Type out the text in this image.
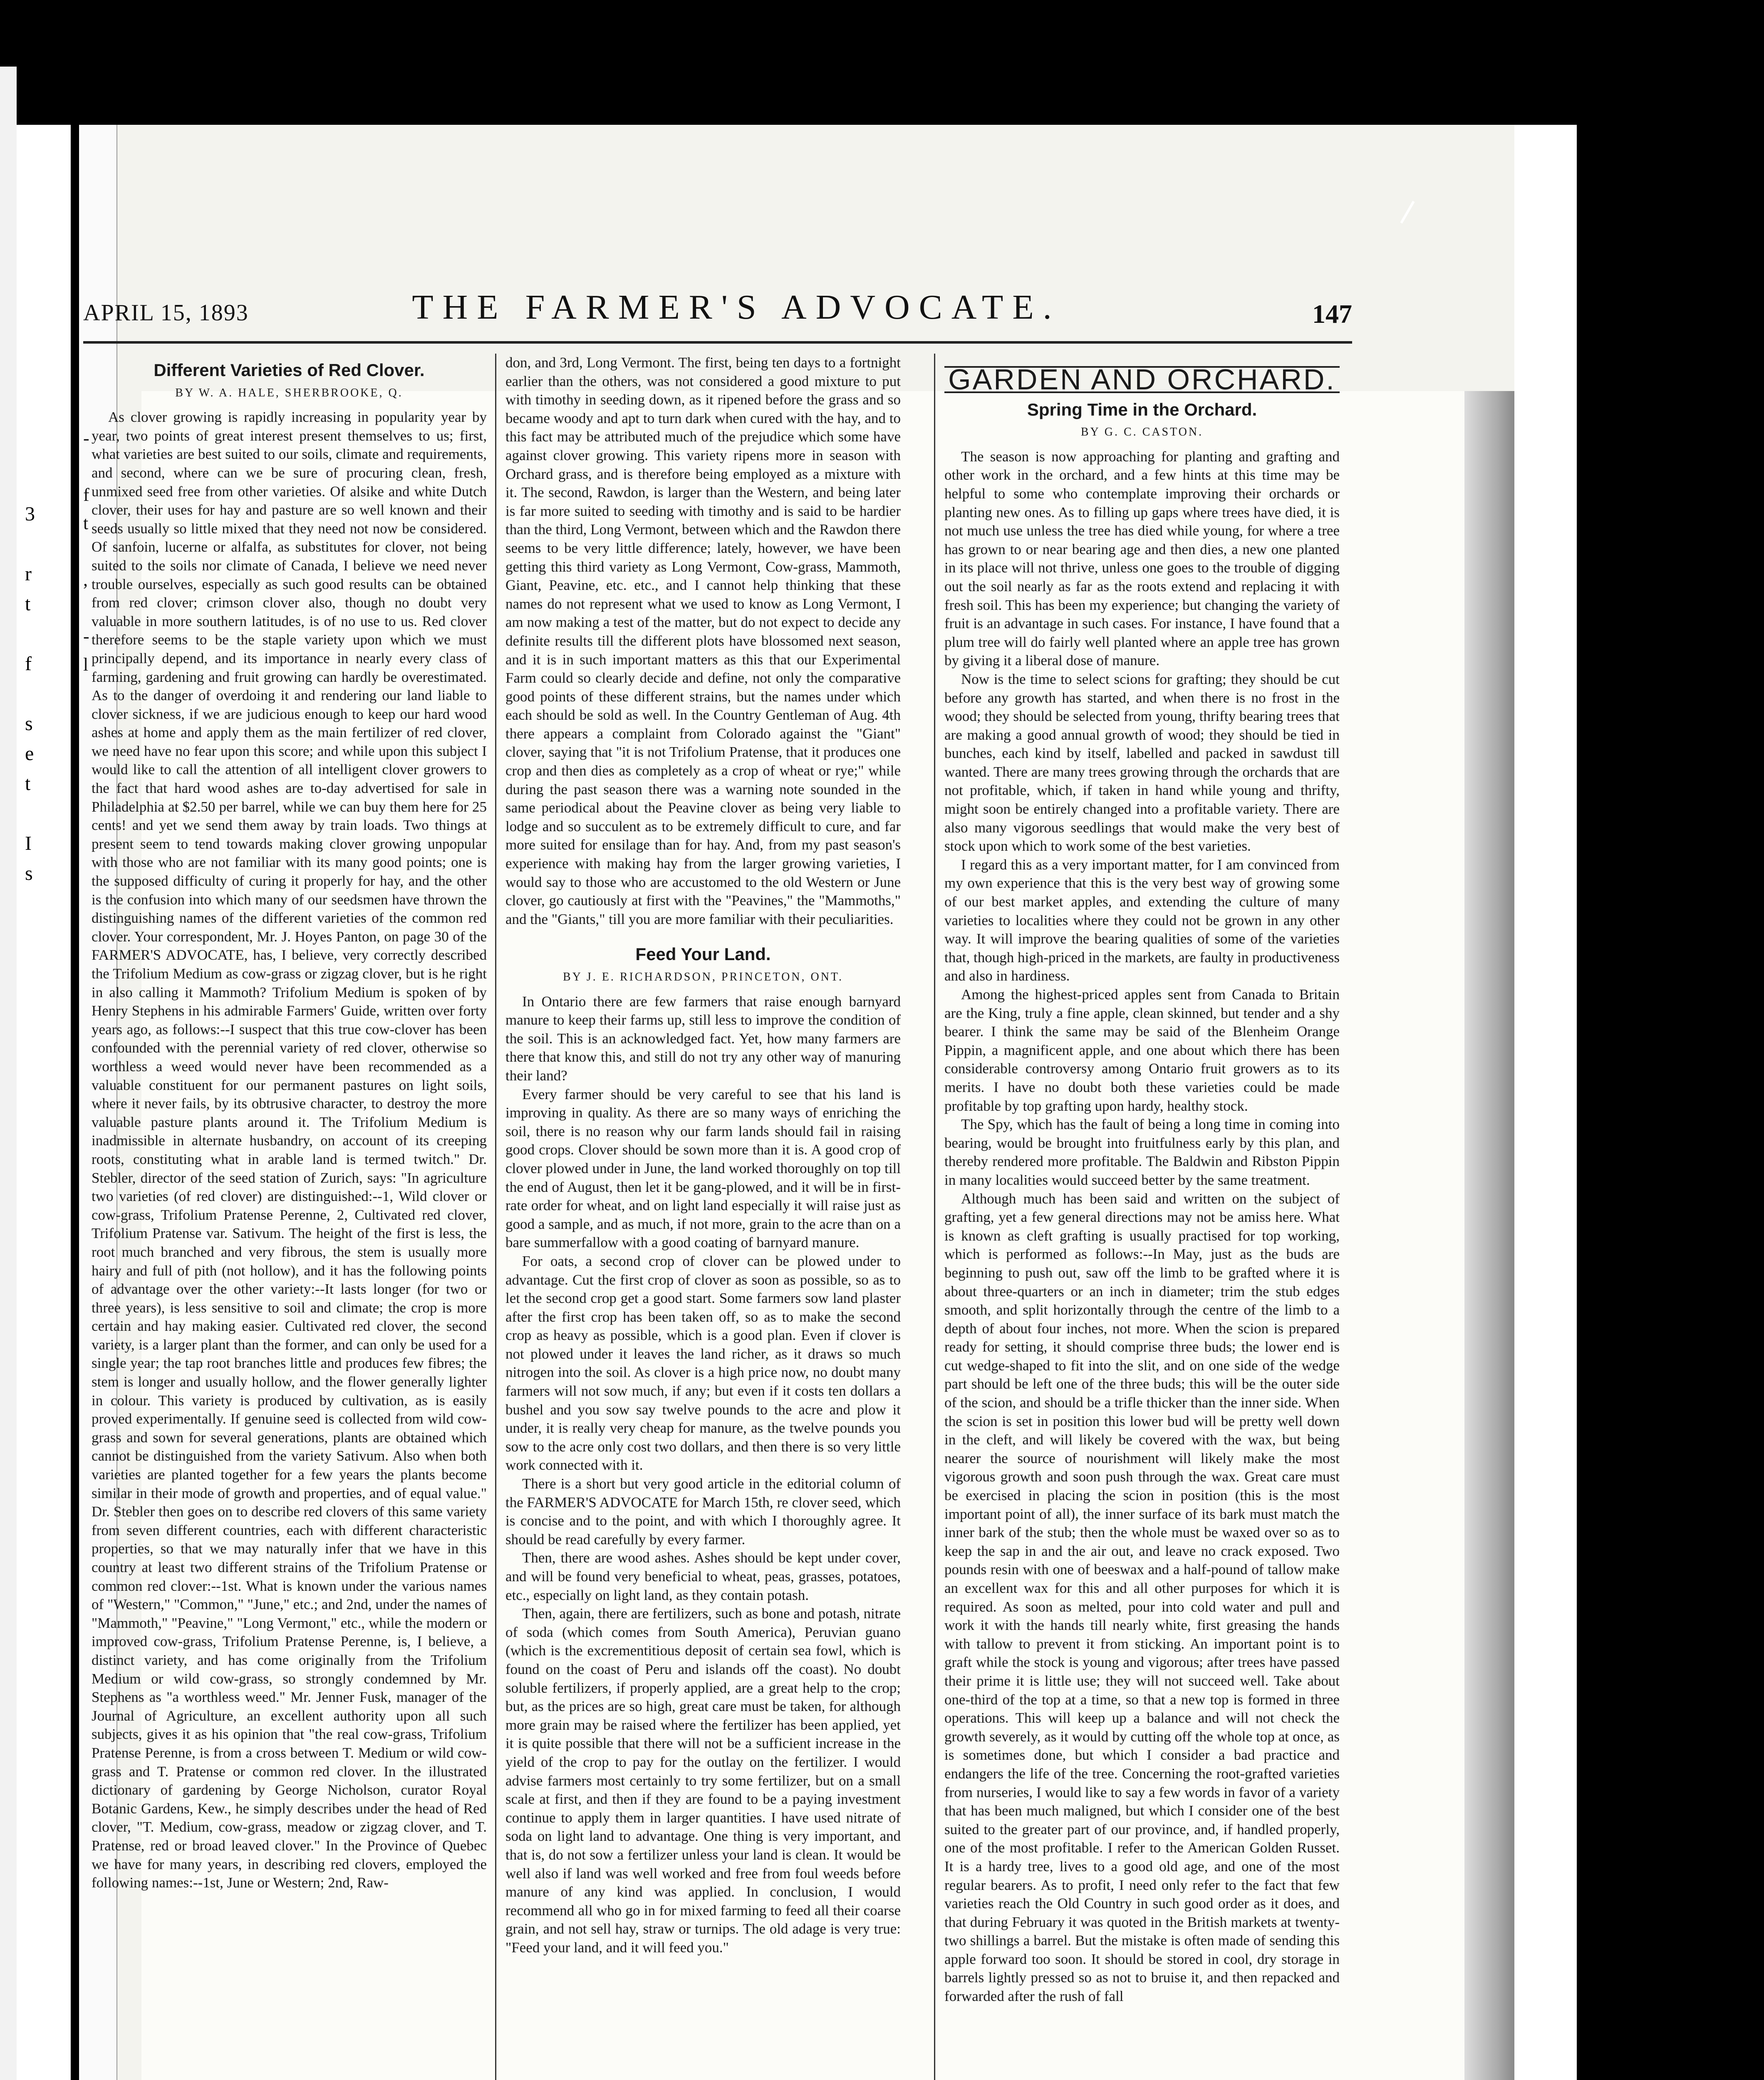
3

r
t

f

s
e
t

I
s
-

f
t

,

-
l
APRIL 15, 1893	THE FARMER'S ADVOCATE.	147
Different Varieties of Red Clover.
BY W. A. HALE, SHERBROOKE, Q.

As clover growing is rapidly increasing in popularity year by year, two points of great interest present themselves to us; first, what varieties are best suited to our soils, climate and requirements, and second, where can we be sure of procuring clean, fresh, unmixed seed free from other varieties. Of alsike and white Dutch clover, their uses for hay and pasture are so well known and their seeds usually so little mixed that they need not now be considered. Of sanfoin, lucerne or alfalfa, as substitutes for clover, not being suited to the soils nor climate of Canada, I believe we need never trouble ourselves, especially as such good results can be obtained from red clover; crimson clover also, though no doubt very valuable in more southern latitudes, is of no use to us. Red clover therefore seems to be the staple variety upon which we must principally depend, and its importance in nearly every class of farming, gardening and fruit growing can hardly be overestimated. As to the danger of overdoing it and rendering our land liable to clover sickness, if we are judicious enough to keep our hard wood ashes at home and apply them as the main fertilizer of red clover, we need have no fear upon this score; and while upon this subject I would like to call the attention of all intelligent clover growers to the fact that hard wood ashes are to-day advertised for sale in Philadelphia at $2.50 per barrel, while we can buy them here for 25 cents! and yet we send them away by train loads. Two things at present seem to tend towards making clover growing unpopular with those who are not familiar with its many good points; one is the supposed difficulty of curing it properly for hay, and the other is the confusion into which many of our seedsmen have thrown the distinguishing names of the different varieties of the common red clover. Your correspondent, Mr. J. Hoyes Panton, on page 30 of the FARMER'S ADVOCATE, has, I believe, very correctly described the Trifolium Medium as cow-grass or zigzag clover, but is he right in also calling it Mammoth? Trifolium Medium is spoken of by Henry Stephens in his admirable Farmers' Guide, written over forty years ago, as follows:--I suspect that this true cow-clover has been confounded with the perennial variety of red clover, otherwise so worthless a weed would never have been recommended as a valuable constituent for our permanent pastures on light soils, where it never fails, by its obtrusive character, to destroy the more valuable pasture plants around it. The Trifolium Medium is inadmissible in alternate husbandry, on account of its creeping roots, constituting what in arable land is termed twitch." Dr. Stebler, director of the seed station of Zurich, says: "In agriculture two varieties (of red clover) are distinguished:--1, Wild clover or cow-grass, Trifolium Pratense Perenne, 2, Cultivated red clover, Trifolium Pratense var. Sativum. The height of the first is less, the root much branched and very fibrous, the stem is usually more hairy and full of pith (not hollow), and it has the following points of advantage over the other variety:--It lasts longer (for two or three years), is less sensitive to soil and climate; the crop is more certain and hay making easier. Cultivated red clover, the second variety, is a larger plant than the former, and can only be used for a single year; the tap root branches little and produces few fibres; the stem is longer and usually hollow, and the flower generally lighter in colour. This variety is produced by cultivation, as is easily proved experimentally. If genuine seed is collected from wild cow-grass and sown for several generations, plants are obtained which cannot be distinguished from the variety Sativum. Also when both varieties are planted together for a few years the plants become similar in their mode of growth and properties, and of equal value." Dr. Stebler then goes on to describe red clovers of this same variety from seven different countries, each with different characteristic properties, so that we may naturally infer that we have in this country at least two different strains of the Trifolium Pratense or common red clover:--1st. What is known under the various names of "Western," "Common," "June," etc.; and 2nd, under the names of "Mammoth," "Peavine," "Long Vermont," etc., while the modern or improved cow-grass, Trifolium Pratense Perenne, is, I believe, a distinct variety, and has come originally from the Trifolium Medium or wild cow-grass, so strongly condemned by Mr. Stephens as "a worthless weed." Mr. Jenner Fusk, manager of the Journal of Agriculture, an excellent authority upon all such subjects, gives it as his opinion that "the real cow-grass, Trifolium Pratense Perenne, is from a cross between T. Medium or wild cow-grass and T. Pratense or common red clover. In the illustrated dictionary of gardening by George Nicholson, curator Royal Botanic Gardens, Kew., he simply describes under the head of Red clover, "T. Medium, cow-grass, meadow or zigzag clover, and T. Pratense, red or broad leaved clover." In the Province of Quebec we have for many years, in describing red clovers, employed the following names:--1st, June or Western; 2nd, Raw-

don, and 3rd, Long Vermont. The first, being ten days to a fortnight earlier than the others, was not considered a good mixture to put with timothy in seeding down, as it ripened before the grass and so became woody and apt to turn dark when cured with the hay, and to this fact may be attributed much of the prejudice which some have against clover growing. This variety ripens more in season with Orchard grass, and is therefore being employed as a mixture with it. The second, Rawdon, is larger than the Western, and being later is far more suited to seeding with timothy and is said to be hardier than the third, Long Vermont, between which and the Rawdon there seems to be very little difference; lately, however, we have been getting this third variety as Long Vermont, Cow-grass, Mammoth, Giant, Peavine, etc. etc., and I cannot help thinking that these names do not represent what we used to know as Long Vermont, I am now making a test of the matter, but do not expect to decide any definite results till the different plots have blossomed next season, and it is in such important matters as this that our Experimental Farm could so clearly decide and define, not only the comparative good points of these different strains, but the names under which each should be sold as well. In the Country Gentleman of Aug. 4th there appears a complaint from Colorado against the "Giant" clover, saying that "it is not Trifolium Pratense, that it produces one crop and then dies as completely as a crop of wheat or rye;" while during the past season there was a warning note sounded in the same periodical about the Peavine clover as being very liable to lodge and so succulent as to be extremely difficult to cure, and far more suited for ensilage than for hay. And, from my past season's experience with making hay from the larger growing varieties, I would say to those who are accustomed to the old Western or June clover, go cautiously at first with the "Peavines," the "Mammoths," and the "Giants," till you are more familiar with their peculiarities.

Feed Your Land.
BY J. E. RICHARDSON, PRINCETON, ONT.

In Ontario there are few farmers that raise enough barnyard manure to keep their farms up, still less to improve the condition of the soil. This is an acknowledged fact. Yet, how many farmers are there that know this, and still do not try any other way of manuring their land?

Every farmer should be very careful to see that his land is improving in quality. As there are so many ways of enriching the soil, there is no reason why our farm lands should fail in raising good crops. Clover should be sown more than it is. A good crop of clover plowed under in June, the land worked thoroughly on top till the end of August, then let it be gang-plowed, and it will be in first-rate order for wheat, and on light land especially it will raise just as good a sample, and as much, if not more, grain to the acre than on a bare summerfallow with a good coating of barnyard manure.

For oats, a second crop of clover can be plowed under to advantage. Cut the first crop of clover as soon as possible, so as to let the second crop get a good start. Some farmers sow land plaster after the first crop has been taken off, so as to make the second crop as heavy as possible, which is a good plan. Even if clover is not plowed under it leaves the land richer, as it draws so much nitrogen into the soil. As clover is a high price now, no doubt many farmers will not sow much, if any; but even if it costs ten dollars a bushel and you sow say twelve pounds to the acre and plow it under, it is really very cheap for manure, as the twelve pounds you sow to the acre only cost two dollars, and then there is so very little work connected with it.

There is a short but very good article in the editorial column of the FARMER'S ADVOCATE for March 15th, re clover seed, which is concise and to the point, and with which I thoroughly agree. It should be read carefully by every farmer.

Then, there are wood ashes. Ashes should be kept under cover, and will be found very beneficial to wheat, peas, grasses, potatoes, etc., especially on light land, as they contain potash.

Then, again, there are fertilizers, such as bone and potash, nitrate of soda (which comes from South America), Peruvian guano (which is the excrementitious deposit of certain sea fowl, which is found on the coast of Peru and islands off the coast). No doubt soluble fertilizers, if properly applied, are a great help to the crop; but, as the prices are so high, great care must be taken, for although more grain may be raised where the fertilizer has been applied, yet it is quite possible that there will not be a sufficient increase in the yield of the crop to pay for the outlay on the fertilizer. I would advise farmers most certainly to try some fertilizer, but on a small scale at first, and then if they are found to be a paying investment continue to apply them in larger quantities. I have used nitrate of soda on light land to advantage. One thing is very important, and that is, do not sow a fertilizer unless your land is clean. It would be well also if land was well worked and free from foul weeds before manure of any kind was applied. In conclusion, I would recommend all who go in for mixed farming to feed all their coarse grain, and not sell hay, straw or turnips. The old adage is very true: "Feed your land, and it will feed you."

GARDEN AND ORCHARD.
Spring Time in the Orchard.
BY G. C. CASTON.

The season is now approaching for planting and grafting and other work in the orchard, and a few hints at this time may be helpful to some who contemplate improving their orchards or planting new ones. As to filling up gaps where trees have died, it is not much use unless the tree has died while young, for where a tree has grown to or near bearing age and then dies, a new one planted in its place will not thrive, unless one goes to the trouble of digging out the soil nearly as far as the roots extend and replacing it with fresh soil. This has been my experience; but changing the variety of fruit is an advantage in such cases. For instance, I have found that a plum tree will do fairly well planted where an apple tree has grown by giving it a liberal dose of manure.

Now is the time to select scions for grafting; they should be cut before any growth has started, and when there is no frost in the wood; they should be selected from young, thrifty bearing trees that are making a good annual growth of wood; they should be tied in bunches, each kind by itself, labelled and packed in sawdust till wanted. There are many trees growing through the orchards that are not profitable, which, if taken in hand while young and thrifty, might soon be entirely changed into a profitable variety. There are also many vigorous seedlings that would make the very best of stock upon which to work some of the best varieties.

I regard this as a very important matter, for I am convinced from my own experience that this is the very best way of growing some of our best market apples, and extending the culture of many varieties to localities where they could not be grown in any other way. It will improve the bearing qualities of some of the varieties that, though high-priced in the markets, are faulty in productiveness and also in hardiness.

Among the highest-priced apples sent from Canada to Britain are the King, truly a fine apple, clean skinned, but tender and a shy bearer. I think the same may be said of the Blenheim Orange Pippin, a magnificent apple, and one about which there has been considerable controversy among Ontario fruit growers as to its merits. I have no doubt both these varieties could be made profitable by top grafting upon hardy, healthy stock.

The Spy, which has the fault of being a long time in coming into bearing, would be brought into fruitfulness early by this plan, and thereby rendered more profitable. The Baldwin and Ribston Pippin in many localities would succeed better by the same treatment.

Although much has been said and written on the subject of grafting, yet a few general directions may not be amiss here. What is known as cleft grafting is usually practised for top working, which is performed as follows:--In May, just as the buds are beginning to push out, saw off the limb to be grafted where it is about three-quarters or an inch in diameter; trim the stub edges smooth, and split horizontally through the centre of the limb to a depth of about four inches, not more. When the scion is prepared ready for setting, it should comprise three buds; the lower end is cut wedge-shaped to fit into the slit, and on one side of the wedge part should be left one of the three buds; this will be the outer side of the scion, and should be a trifle thicker than the inner side. When the scion is set in position this lower bud will be pretty well down in the cleft, and will likely be covered with the wax, but being nearer the source of nourishment will likely make the most vigorous growth and soon push through the wax. Great care must be exercised in placing the scion in position (this is the most important point of all), the inner surface of its bark must match the inner bark of the stub; then the whole must be waxed over so as to keep the sap in and the air out, and leave no crack exposed. Two pounds resin with one of beeswax and a half-pound of tallow make an excellent wax for this and all other purposes for which it is required. As soon as melted, pour into cold water and pull and work it with the hands till nearly white, first greasing the hands with tallow to prevent it from sticking. An important point is to graft while the stock is young and vigorous; after trees have passed their prime it is little use; they will not succeed well. Take about one-third of the top at a time, so that a new top is formed in three operations. This will keep up a balance and will not check the growth severely, as it would by cutting off the whole top at once, as is sometimes done, but which I consider a bad practice and endangers the life of the tree. Concerning the root-grafted varieties from nurseries, I would like to say a few words in favor of a variety that has been much maligned, but which I consider one of the best suited to the greater part of our province, and, if handled properly, one of the most profitable. I refer to the American Golden Russet. It is a hardy tree, lives to a good old age, and one of the most regular bearers. As to profit, I need only refer to the fact that few varieties reach the Old Country in such good order as it does, and that during February it was quoted in the British markets at twenty-two shillings a barrel. But the mistake is often made of sending this apple forward too soon. It should be stored in cool, dry storage in barrels lightly pressed so as not to bruise it, and then repacked and forwarded after the rush of fall
